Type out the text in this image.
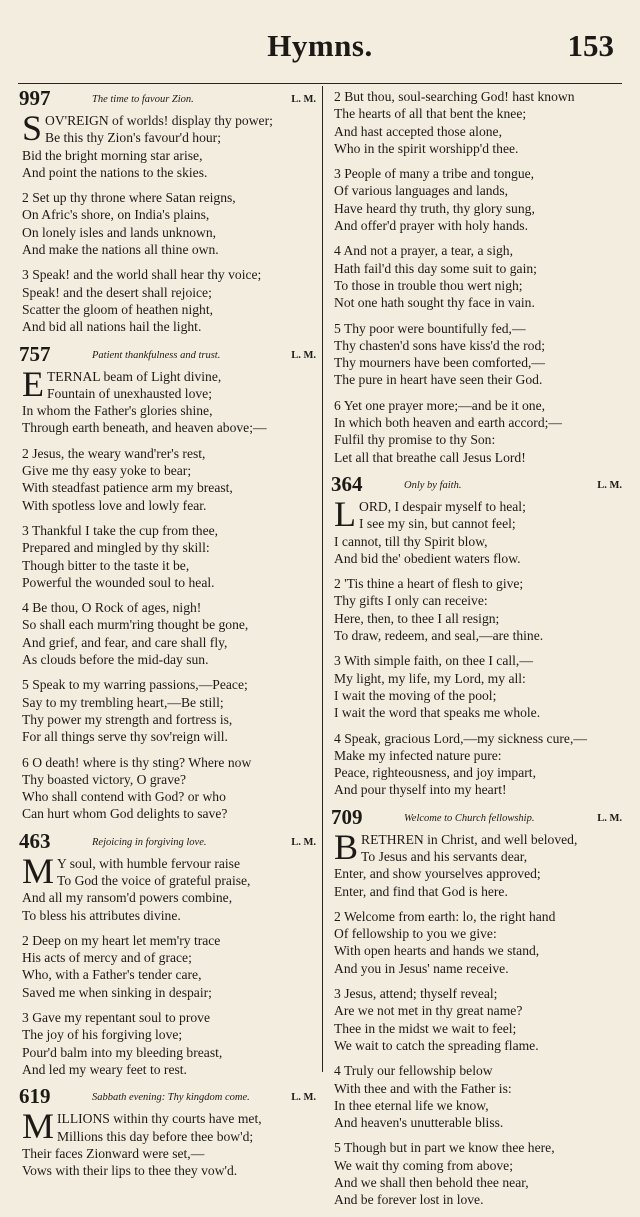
Hymns.	153
997	The time to favour Zion.	L. M.
S OV'REIGN of worlds! display thy power;
Be this thy Zion's favour'd hour;
Bid the bright morning star arise,
And point the nations to the skies.
2 Set up thy throne where Satan reigns,
On Afric's shore, on India's plains,
On lonely isles and lands unknown,
And make the nations all thine own.
3 Speak! and the world shall hear thy voice;
Speak! and the desert shall rejoice;
Scatter the gloom of heathen night,
And bid all nations hail the light.
757	Patient thankfulness and trust.	L. M.
E TERNAL beam of Light divine,
Fountain of unexhausted love;
In whom the Father's glories shine,
Through earth beneath, and heaven above;—
2 Jesus, the weary wand'rer's rest,
Give me thy easy yoke to bear;
With steadfast patience arm my breast,
With spotless love and lowly fear.
3 Thankful I take the cup from thee,
Prepared and mingled by thy skill:
Though bitter to the taste it be,
Powerful the wounded soul to heal.
4 Be thou, O Rock of ages, nigh!
So shall each murm'ring thought be gone,
And grief, and fear, and care shall fly,
As clouds before the mid-day sun.
5 Speak to my warring passions,—Peace;
Say to my trembling heart,—Be still;
Thy power my strength and fortress is,
For all things serve thy sov'reign will.
6 O death! where is thy sting? Where now
Thy boasted victory, O grave?
Who shall contend with God? or who
Can hurt whom God delights to save?
463	Rejoicing in forgiving love.	L. M.
M Y soul, with humble fervour raise
To God the voice of grateful praise,
And all my ransom'd powers combine,
To bless his attributes divine.
2 Deep on my heart let mem'ry trace
His acts of mercy and of grace;
Who, with a Father's tender care,
Saved me when sinking in despair;
3 Gave my repentant soul to prove
The joy of his forgiving love;
Pour'd balm into my bleeding breast,
And led my weary feet to rest.
619	Sabbath evening: Thy kingdom come.	L. M.
M ILLIONS within thy courts have met,
Millions this day before thee bow'd;
Their faces Zionward were set,—
Vows with their lips to thee they vow'd.
2 But thou, soul-searching God! hast known
The hearts of all that bent the knee;
And hast accepted those alone,
Who in the spirit worshipp'd thee.
3 People of many a tribe and tongue,
Of various languages and lands,
Have heard thy truth, thy glory sung,
And offer'd prayer with holy hands.
4 And not a prayer, a tear, a sigh,
Hath fail'd this day some suit to gain;
To those in trouble thou wert nigh;
Not one hath sought thy face in vain.
5 Thy poor were bountifully fed,—
Thy chasten'd sons have kiss'd the rod;
Thy mourners have been comforted,—
The pure in heart have seen their God.
6 Yet one prayer more;—and be it one,
In which both heaven and earth accord;—
Fulfil thy promise to thy Son:
Let all that breathe call Jesus Lord!
364	Only by faith.	L. M.
L ORD, I despair myself to heal;
I see my sin, but cannot feel;
I cannot, till thy Spirit blow,
And bid the' obedient waters flow.
2 'Tis thine a heart of flesh to give;
Thy gifts I only can receive:
Here, then, to thee I all resign;
To draw, redeem, and seal,—are thine.
3 With simple faith, on thee I call,—
My light, my life, my Lord, my all:
I wait the moving of the pool;
I wait the word that speaks me whole.
4 Speak, gracious Lord,—my sickness cure,—
Make my infected nature pure:
Peace, righteousness, and joy impart,
And pour thyself into my heart!
709	Welcome to Church fellowship.	L. M.
B RETHREN in Christ, and well beloved,
To Jesus and his servants dear,
Enter, and show yourselves approved;
Enter, and find that God is here.
2 Welcome from earth: lo, the right hand
Of fellowship to you we give:
With open hearts and hands we stand,
And you in Jesus' name receive.
3 Jesus, attend; thyself reveal;
Are we not met in thy great name?
Thee in the midst we wait to feel;
We wait to catch the spreading flame.
4 Truly our fellowship below
With thee and with the Father is:
In thee eternal life we know,
And heaven's unutterable bliss.
5 Though but in part we know thee here,
We wait thy coming from above;
And we shall then behold thee near,
And be forever lost in love.
